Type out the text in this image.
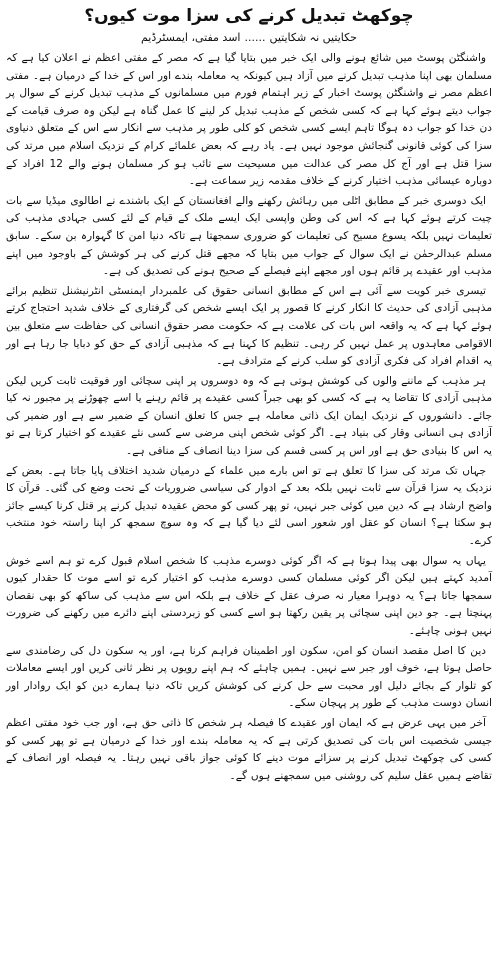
چوکھٹ تبدیل کرنے کی سزا موت کیوں؟
حکایتیں نہ شکایتیں......اسد مفتی، ایمسٹرڈیم

واشنگٹن پوسٹ میں شائع ہونے والی ایک خبر میں بتایا گیا ہے کہ مصر کے مفتی اعظم نے اعلان کیا ہے کہ مسلمان بھی اپنا مذہب تبدیل کرنے میں آزاد ہیں کیونکہ یہ معاملہ بندے اور اس کے خدا کے درمیان ہے۔ مفتی اعظم مصر نے واشنگٹن پوسٹ اخبار کے زیر اہتمام فورم میں مسلمانوں کے مذہب تبدیل کرنے کے سوال پر جواب دیتے ہوئے کہا ہے کہ کسی شخص کے مذہب تبدیل کر لینے کا عمل گناہ ہے لیکن وہ صرف قیامت کے دن خدا کو جواب دہ ہوگا تاہم ایسے کسی شخص کو کلی طور پر مذہب سے انکار سے اس کے متعلق دنیاوی سزا کی کوئی قانونی گنجائش موجود نہیں ہے۔ یاد رہے کہ بعض علمائے کرام کے نزدیک اسلام میں مرتد کی سزا قتل ہے اور آج کل مصر کی عدالت میں مسیحیت سے تائب ہو کر مسلمان ہونے والے 12 افراد کے دوبارہ عیسائی مذہب اختیار کرنے کے خلاف مقدمہ زیر سماعت ہے۔

ایک دوسری خبر کے مطابق اٹلی میں رہائش رکھنے والے افغانستان کے ایک باشندے نے اطالوی میڈیا سے بات چیت کرتے ہوئے کہا ہے کہ اس کی وطن واپسی ایک ایسے ملک کے قیام کے لئے کسی جہادی مذہب کی تعلیمات نہیں بلکہ یسوع مسیح کی تعلیمات کو ضروری سمجھتا ہے تاکہ دنیا امن کا گہوارہ بن سکے۔ سابق مسلم عبدالرحمٰن نے ایک سوال کے جواب میں بتایا کہ مجھے قتل کرنے کی ہر کوشش کے باوجود میں اپنے مذہب اور عقیدے پر قائم ہوں اور مجھے اپنے فیصلے کے صحیح ہونے کی تصدیق کی ہے۔

تیسری خبر کویت سے آئی ہے اس کے مطابق انسانی حقوق کی علمبردار ایمنسٹی انٹرنیشنل تنظیم برائے مذہبی آزادی کی حدیث کا انکار کرنے کا قصور پر ایک ایسے شخص کی گرفتاری کے خلاف شدید احتجاج کرتے ہوئے کہا ہے کہ یہ واقعہ اس بات کی علامت ہے کہ حکومت مصر حقوق انسانی کی حفاظت سے متعلق بین الاقوامی معاہدوں پر عمل نہیں کر رہی۔ تنظیم کا کہنا ہے کہ مذہبی آزادی کے حق کو دبایا جا رہا ہے اور یہ اقدام افراد کی فکری آزادی کو سلب کرنے کے مترادف ہے۔

ہر مذہب کے ماننے والوں کی کوشش ہوتی ہے کہ وہ دوسروں پر اپنی سچائی اور فوقیت ثابت کریں لیکن مذہبی آزادی کا تقاضا یہ ہے کہ کسی کو بھی جبراً کسی عقیدے پر قائم رہنے یا اسے چھوڑنے پر مجبور نہ کیا جائے۔ دانشوروں کے نزدیک ایمان ایک ذاتی معاملہ ہے جس کا تعلق انسان کے ضمیر سے ہے اور ضمیر کی آزادی ہی انسانی وقار کی بنیاد ہے۔ اگر کوئی شخص اپنی مرضی سے کسی نئے عقیدے کو اختیار کرتا ہے تو یہ اس کا بنیادی حق ہے اور اس پر کسی قسم کی سزا دینا انصاف کے منافی ہے۔

جہاں تک مرتد کی سزا کا تعلق ہے تو اس بارے میں علماء کے درمیان شدید اختلاف پایا جاتا ہے۔ بعض کے نزدیک یہ سزا قرآن سے ثابت نہیں بلکہ بعد کے ادوار کی سیاسی ضروریات کے تحت وضع کی گئی۔ قرآن کا واضح ارشاد ہے کہ دین میں کوئی جبر نہیں، تو پھر کسی کو محض عقیدہ تبدیل کرنے پر قتل کرنا کیسے جائز ہو سکتا ہے؟ انسان کو عقل اور شعور اسی لئے دیا گیا ہے کہ وہ سوچ سمجھ کر اپنا راستہ خود منتخب کرے۔

یہاں یہ سوال بھی پیدا ہوتا ہے کہ اگر کوئی دوسرے مذہب کا شخص اسلام قبول کرے تو ہم اسے خوش آمدید کہتے ہیں لیکن اگر کوئی مسلمان کسی دوسرے مذہب کو اختیار کرے تو اسے موت کا حقدار کیوں سمجھا جاتا ہے؟ یہ دوہرا معیار نہ صرف عقل کے خلاف ہے بلکہ اس سے مذہب کی ساکھ کو بھی نقصان پہنچتا ہے۔ جو دین اپنی سچائی پر یقین رکھتا ہو اسے کسی کو زبردستی اپنے دائرے میں رکھنے کی ضرورت نہیں ہونی چاہئے۔

دین کا اصل مقصد انسان کو امن، سکون اور اطمینان فراہم کرنا ہے، اور یہ سکون دل کی رضامندی سے حاصل ہوتا ہے، خوف اور جبر سے نہیں۔ ہمیں چاہئے کہ ہم اپنے رویوں پر نظر ثانی کریں اور ایسے معاملات کو تلوار کے بجائے دلیل اور محبت سے حل کرنے کی کوشش کریں تاکہ دنیا ہمارے دین کو ایک روادار اور انسان دوست مذہب کے طور پر پہچان سکے۔

آخر میں یہی عرض ہے کہ ایمان اور عقیدے کا فیصلہ ہر شخص کا ذاتی حق ہے، اور جب خود مفتی اعظم جیسی شخصیت اس بات کی تصدیق کرتی ہے کہ یہ معاملہ بندے اور خدا کے درمیان ہے تو پھر کسی کو کسی کی چوکھٹ تبدیل کرنے پر سزائے موت دینے کا کوئی جواز باقی نہیں رہتا۔ یہ فیصلہ اور انصاف کے تقاضے ہمیں عقل سلیم کی روشنی میں سمجھنے ہوں گے۔
